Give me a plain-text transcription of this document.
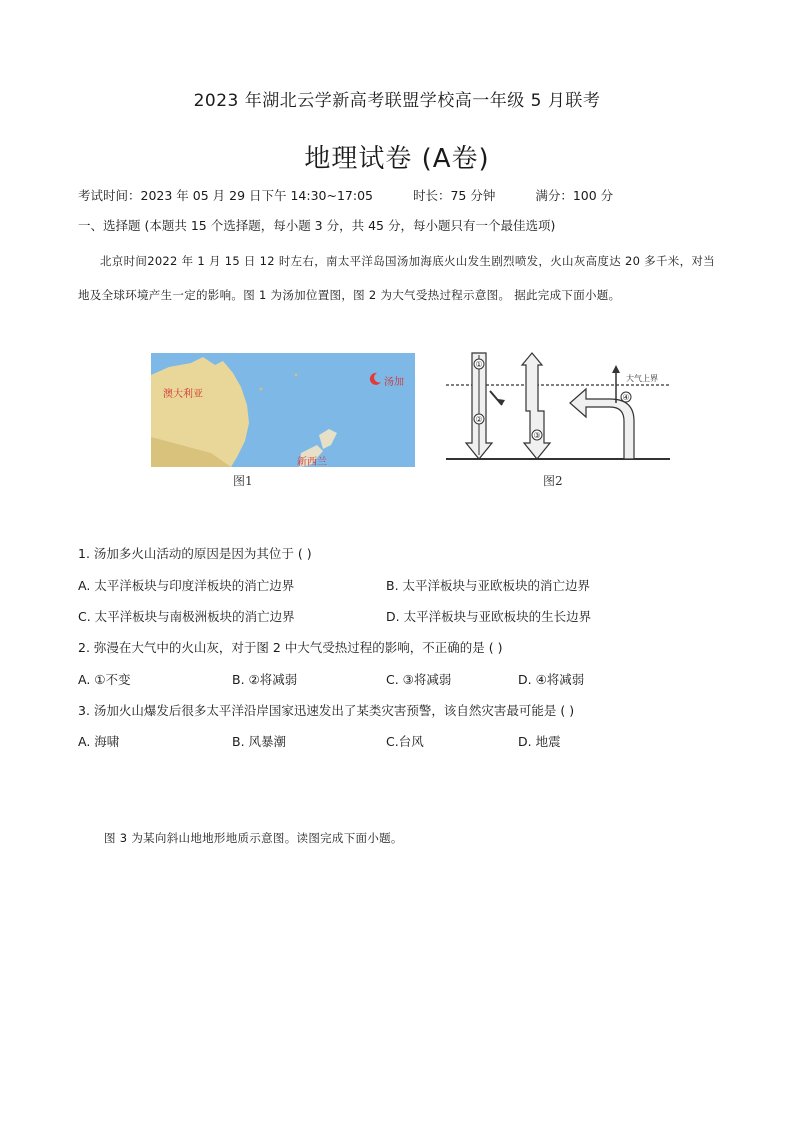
2023 年湖北云学新高考联盟学校高一年级 5 月联考
地理试卷 (A卷)
考试时间：2023 年 05 月 29 日下午 14:30~17:05	时长：75 分钟	满分：100 分
一、选择题 (本题共 15 个选择题，每小题 3 分，共 45 分，每小题只有一个最佳选项)
北京时间2022 年 1 月 15 日 12 时左右，南太平洋岛国汤加海底火山发生剧烈喷发，火山灰高度达 20 多千米，对当地及全球环境产生一定的影响。图 1 为汤加位置图，图 2 为大气受热过程示意图。 据此完成下面小题。
澳大利亚
汤加
新西兰
图1
①
②
③
④
大气上界
图2
1. 汤加多火山活动的原因是因为其位于 ( )
A. 太平洋板块与印度洋板块的消亡边界	B. 太平洋板块与亚欧板块的消亡边界
C. 太平洋板块与南极洲板块的消亡边界	D. 太平洋板块与亚欧板块的生长边界
2. 弥漫在大气中的火山灰，对于图 2 中大气受热过程的影响，不正确的是 ( )
A. ①不变	B. ②将减弱	C. ③将减弱	D. ④将减弱
3. 汤加火山爆发后很多太平洋沿岸国家迅速发出了某类灾害预警，该自然灾害最可能是 ( )
A. 海啸	B. 风暴潮	C.台风	D. 地震
图 3 为某向斜山地地形地质示意图。读图完成下面小题。
